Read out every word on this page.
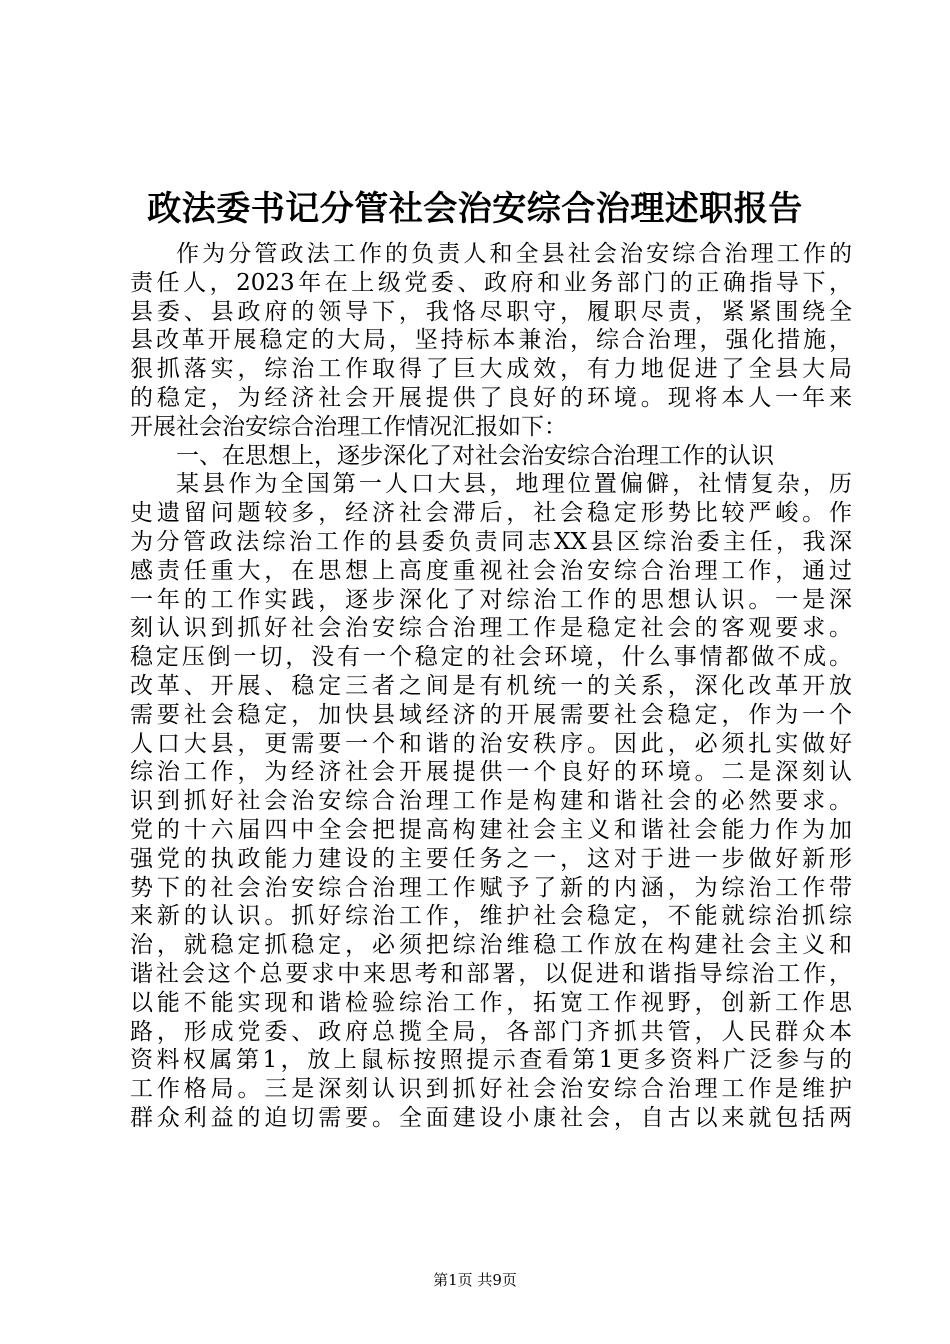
政法委书记分管社会治安综合治理述职报告
作为分管政法工作的负责人和全县社会治安综合治理工作的
责任人，2023年在上级党委、政府和业务部门的正确指导下，
县委、县政府的领导下，我恪尽职守，履职尽责，紧紧围绕全
县改革开展稳定的大局，坚持标本兼治，综合治理，强化措施，
狠抓落实，综治工作取得了巨大成效，有力地促进了全县大局
的稳定，为经济社会开展提供了良好的环境。现将本人一年来
开展社会治安综合治理工作情况汇报如下：
一、在思想上，逐步深化了对社会治安综合治理工作的认识
某县作为全国第一人口大县，地理位置偏僻，社情复杂，历
史遗留问题较多，经济社会滞后，社会稳定形势比较严峻。作
为分管政法综治工作的县委负责同志XX县区综治委主任，我深
感责任重大，在思想上高度重视社会治安综合治理工作，通过
一年的工作实践，逐步深化了对综治工作的思想认识。一是深
刻认识到抓好社会治安综合治理工作是稳定社会的客观要求。
稳定压倒一切，没有一个稳定的社会环境，什么事情都做不成。
改革、开展、稳定三者之间是有机统一的关系，深化改革开放
需要社会稳定，加快县域经济的开展需要社会稳定，作为一个
人口大县，更需要一个和谐的治安秩序。因此，必须扎实做好
综治工作，为经济社会开展提供一个良好的环境。二是深刻认
识到抓好社会治安综合治理工作是构建和谐社会的必然要求。
党的十六届四中全会把提高构建社会主义和谐社会能力作为加
强党的执政能力建设的主要任务之一，这对于进一步做好新形
势下的社会治安综合治理工作赋予了新的内涵，为综治工作带
来新的认识。抓好综治工作，维护社会稳定，不能就综治抓综
治，就稳定抓稳定，必须把综治维稳工作放在构建社会主义和
谐社会这个总要求中来思考和部署，以促进和谐指导综治工作，
以能不能实现和谐检验综治工作，拓宽工作视野，创新工作思
路，形成党委、政府总揽全局，各部门齐抓共管，人民群众本
资料权属第1，放上鼠标按照提示查看第1更多资料广泛参与的
工作格局。三是深刻认识到抓好社会治安综合治理工作是维护
群众利益的迫切需要。全面建设小康社会，自古以来就包括两
第1页 共9页
